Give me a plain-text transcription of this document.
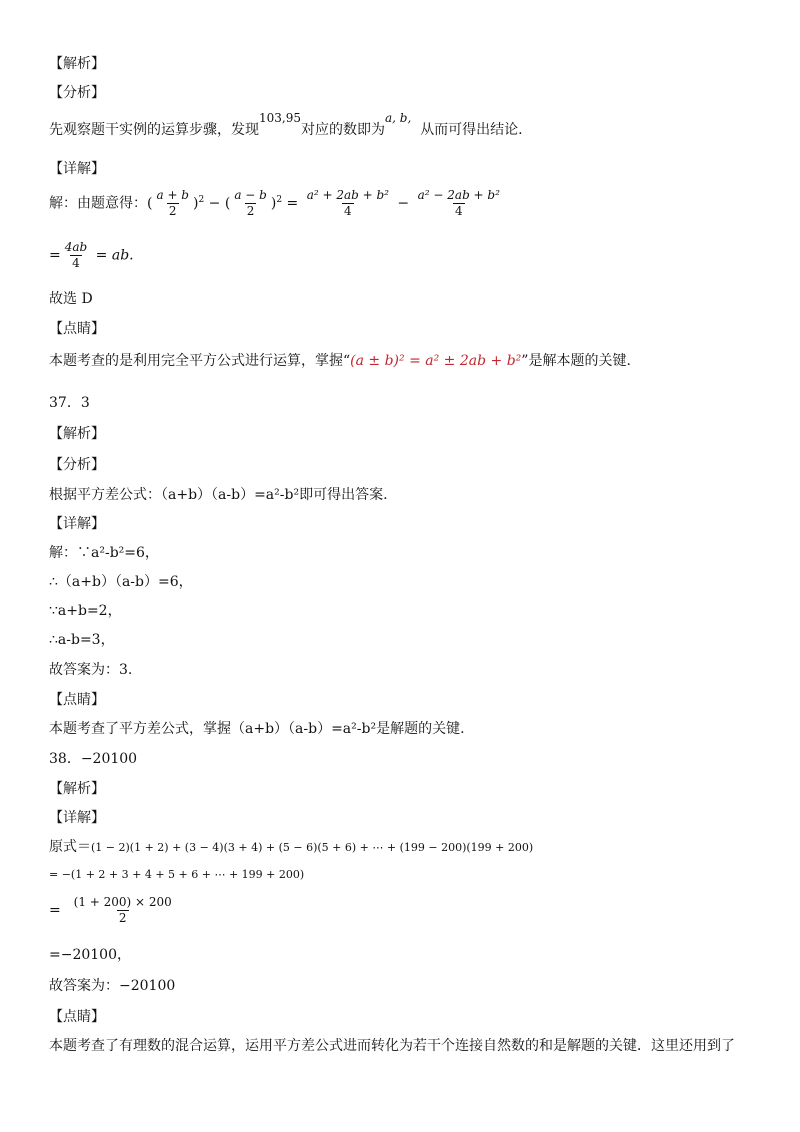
【解析】
【分析】
先观察题干实例的运算步骤，发现103,95对应的数即为a, b,  从而可得出结论.
【详解】
解：由题意得：( $\frac{a + b}{2} )^2$ − ( $\frac{a - b}{2} )^2 = \frac{\text{a² + 2ab + b²}}{4} - \frac{\text{a² − 2ab + b²}}{4}$
= $\frac{4ab}{4}$ = ab.
故选 D
【点睛】
本题考查的是利用完全平方公式进行运算，掌握“(a ± b)² = a² ± 2ab + b²”是解本题的关键.
37．3
【解析】
【分析】
根据平方差公式：（a+b）（a-b）=a²-b²即可得出答案.
【详解】
解：∵a²-b²=6，
∴（a+b）（a-b）=6，
∵a+b=2，
∴a-b=3，
故答案为：3.
【点睛】
本题考查了平方差公式，掌握（a+b）（a-b）=a²-b²是解题的关键.
38．−20100
【解析】
【详解】
原式＝(1 − 2)(1 + 2) + (3 − 4)(3 + 4) + (5 − 6)(5 + 6) + ⋯ + (199 − 200)(199 + 200)
= −(1 + 2 + 3 + 4 + 5 + 6 + ⋯ + 199 + 200)
= $\frac{(1 + 200) \times 200}{2}$
=−20100，
故答案为：−20100
【点睛】
本题考查了有理数的混合运算，运用平方差公式进而转化为若干个连接自然数的和是解题的关键．这里还用到了
